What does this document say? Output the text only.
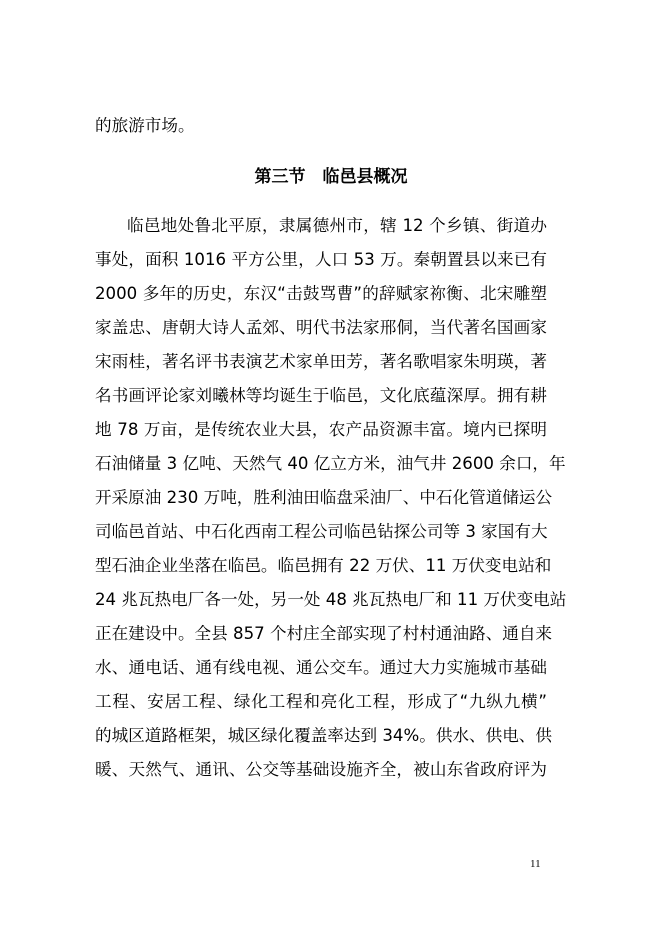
的旅游市场。
第三节　临邑县概况
临邑地处鲁北平原，隶属德州市，辖 12 个乡镇、街道办
事处，面积 1016 平方公里，人口 53 万。秦朝置县以来已有
2000 多年的历史，东汉“击鼓骂曹”的辞赋家祢衡、北宋雕塑
家盖忠、唐朝大诗人孟郊、明代书法家邢侗，当代著名国画家
宋雨桂，著名评书表演艺术家单田芳，著名歌唱家朱明瑛，著
名书画评论家刘曦林等均诞生于临邑，文化底蕴深厚。拥有耕
地 78 万亩，是传统农业大县，农产品资源丰富。境内已探明
石油储量 3 亿吨、天然气 40 亿立方米，油气井 2600 余口，年
开采原油 230 万吨，胜利油田临盘采油厂、中石化管道储运公
司临邑首站、中石化西南工程公司临邑钻探公司等 3 家国有大
型石油企业坐落在临邑。临邑拥有 22 万伏、11 万伏变电站和
24 兆瓦热电厂各一处，另一处 48 兆瓦热电厂和 11 万伏变电站
正在建设中。全县 857 个村庄全部实现了村村通油路、通自来
水、通电话、通有线电视、通公交车。通过大力实施城市基础
工程、安居工程、绿化工程和亮化工程，形成了“九纵九横”
的城区道路框架，城区绿化覆盖率达到 34%。供水、供电、供
暖、天然气、通讯、公交等基础设施齐全，被山东省政府评为
11
